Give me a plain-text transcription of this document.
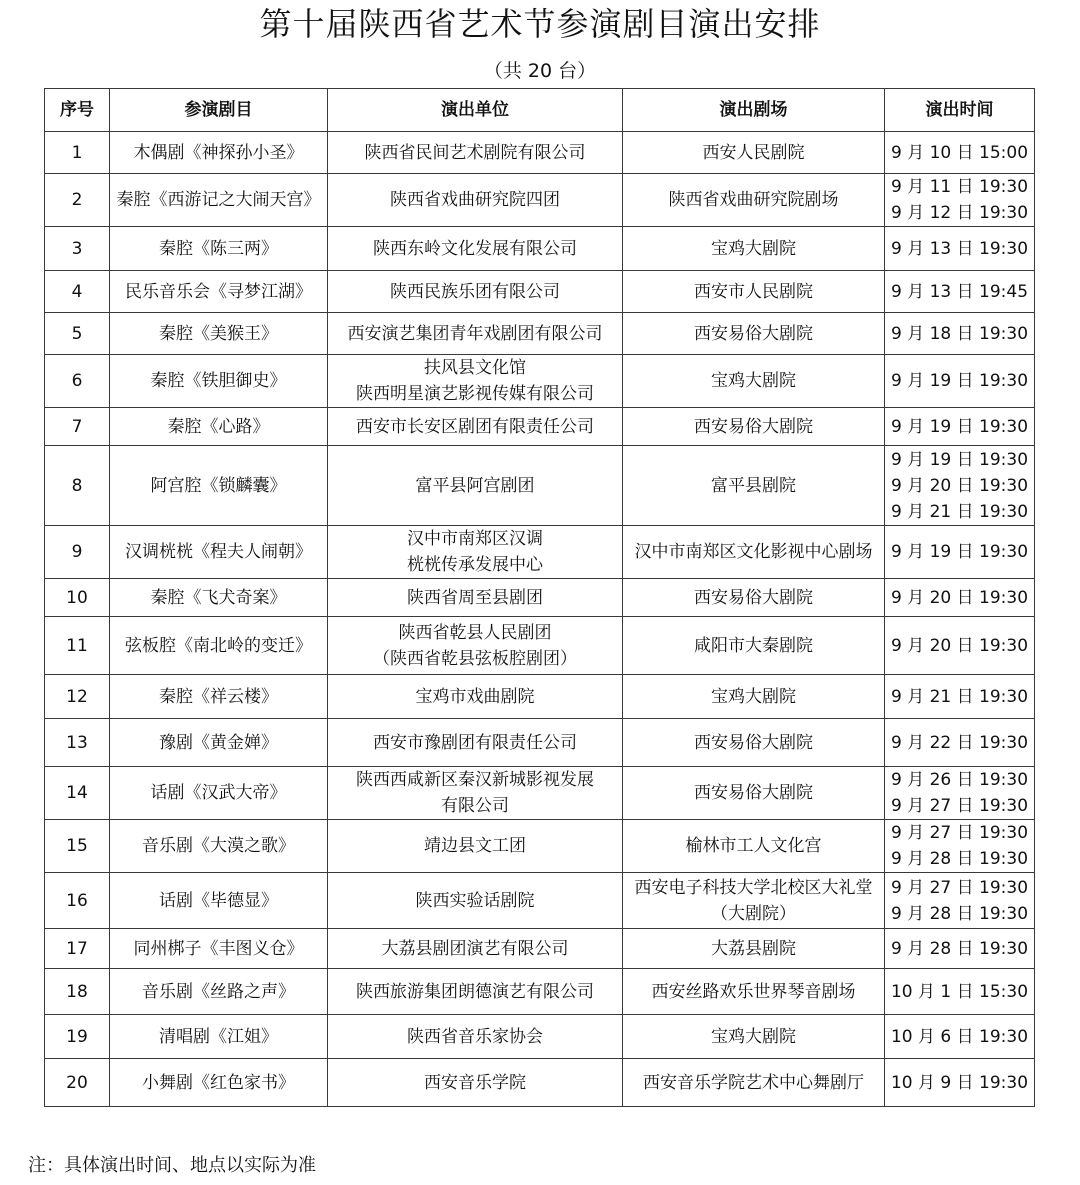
第十届陕西省艺术节参演剧目演出安排
（共 20 台）
序号	参演剧目	演出单位	演出剧场	演出时间
1	木偶剧《神探孙小圣》	陕西省民间艺术剧院有限公司	西安人民剧院	9 月 10 日 15:00

2	秦腔《西游记之大闹天宫》	陕西省戏曲研究院四团	陕西省戏曲研究院剧场	9 月 11 日 19:30
9 月 12 日 19:30

3	秦腔《陈三两》	陕西东岭文化发展有限公司	宝鸡大剧院	9 月 13 日 19:30

4	民乐音乐会《寻梦江湖》	陕西民族乐团有限公司	西安市人民剧院	9 月 13 日 19:45

5	秦腔《美猴王》	西安演艺集团青年戏剧团有限公司	西安易俗大剧院	9 月 18 日 19:30

6	秦腔《铁胆御史》	扶风县文化馆
陕西明星演艺影视传媒有限公司	宝鸡大剧院	9 月 19 日 19:30

7	秦腔《心路》	西安市长安区剧团有限责任公司	西安易俗大剧院	9 月 19 日 19:30

8	阿宫腔《锁麟囊》	富平县阿宫剧团	富平县剧院	9 月 19 日 19:30
9 月 20 日 19:30
9 月 21 日 19:30

9	汉调桄桄《程夫人闹朝》	汉中市南郑区汉调
桄桄传承发展中心	汉中市南郑区文化影视中心剧场	9 月 19 日 19:30

10	秦腔《飞犬奇案》	陕西省周至县剧团	西安易俗大剧院	9 月 20 日 19:30

11	弦板腔《南北岭的变迁》	陕西省乾县人民剧团
（陕西省乾县弦板腔剧团）	咸阳市大秦剧院	9 月 20 日 19:30

12	秦腔《祥云楼》	宝鸡市戏曲剧院	宝鸡大剧院	9 月 21 日 19:30

13	豫剧《黄金婵》	西安市豫剧团有限责任公司	西安易俗大剧院	9 月 22 日 19:30

14	话剧《汉武大帝》	陕西西咸新区秦汉新城影视发展
有限公司	西安易俗大剧院	9 月 26 日 19:30
9 月 27 日 19:30

15	音乐剧《大漠之歌》	靖边县文工团	榆林市工人文化宫	9 月 27 日 19:30
9 月 28 日 19:30

16	话剧《毕德显》	陕西实验话剧院	西安电子科技大学北校区大礼堂
（大剧院）	9 月 27 日 19:30
9 月 28 日 19:30

17	同州梆子《丰图义仓》	大荔县剧团演艺有限公司	大荔县剧院	9 月 28 日 19:30

18	音乐剧《丝路之声》	陕西旅游集团朗德演艺有限公司	西安丝路欢乐世界琴音剧场	10 月 1 日 15:30

19	清唱剧《江姐》	陕西省音乐家协会	宝鸡大剧院	10 月 6 日 19:30

20	小舞剧《红色家书》	西安音乐学院	西安音乐学院艺术中心舞剧厅	10 月 9 日 19:30
注：具体演出时间、地点以实际为准
